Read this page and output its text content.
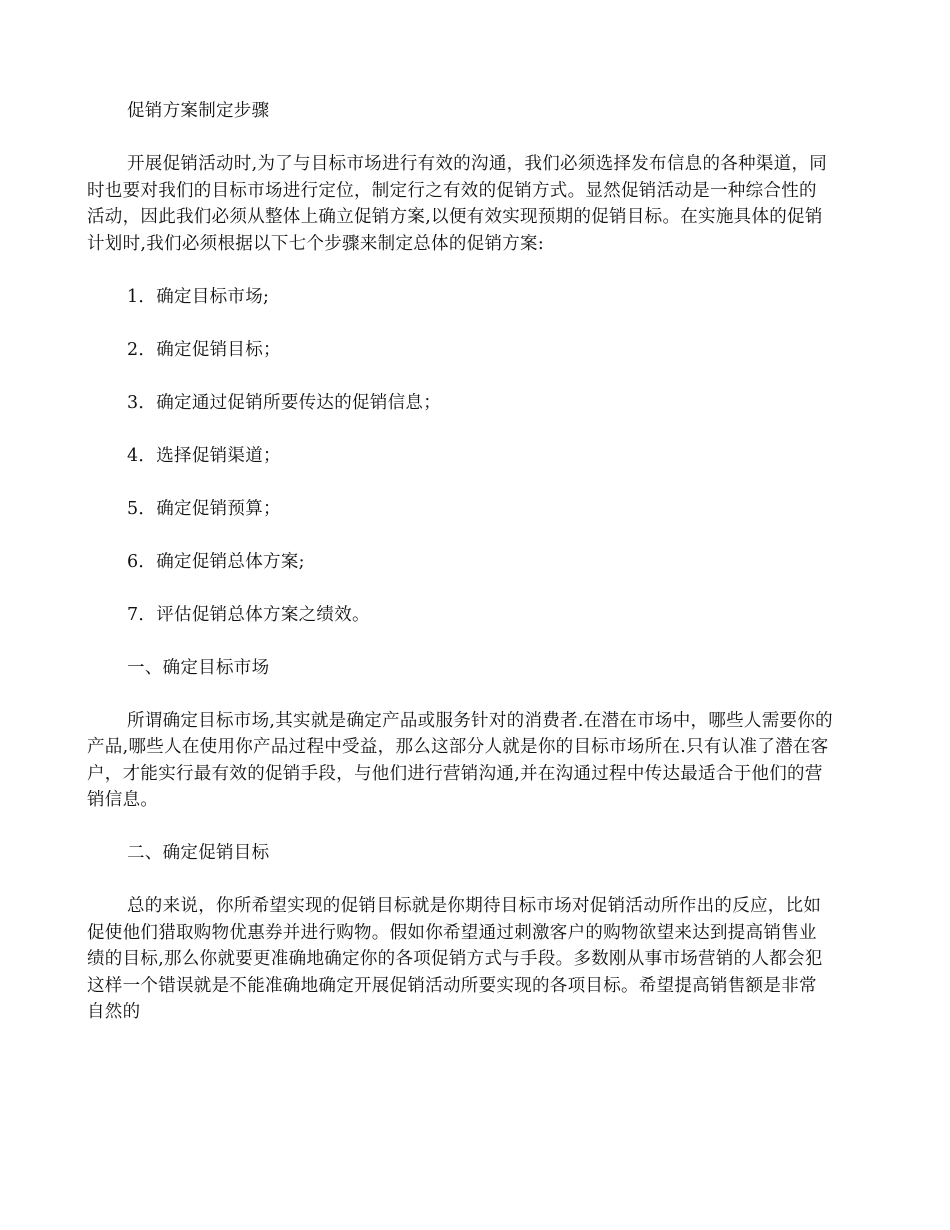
促销方案制定步骤

开展促销活动时,为了与目标市场进行有效的沟通，我们必须选择发布信息的各种渠道，同

时也要对我们的目标市场进行定位，制定行之有效的促销方式。显然促销活动是一种综合性的

活动，因此我们必须从整体上确立促销方案,以便有效实现预期的促销目标。在实施具体的促销

计划时,我们必须根据以下七个步骤来制定总体的促销方案:

1．确定目标市场;

2．确定促销目标；

3．确定通过促销所要传达的促销信息；

4．选择促销渠道；

5．确定促销预算；

6．确定促销总体方案;

7．评估促销总体方案之绩效。

一、确定目标市场

所谓确定目标市场,其实就是确定产品或服务针对的消费者.在潜在市场中，哪些人需要你的

产品,哪些人在使用你产品过程中受益，那么这部分人就是你的目标市场所在.只有认准了潜在客

户，才能实行最有效的促销手段，与他们进行营销沟通,并在沟通过程中传达最适合于他们的营

销信息。

二、确定促销目标

总的来说，你所希望实现的促销目标就是你期待目标市场对促销活动所作出的反应，比如

促使他们猎取购物优惠券并进行购物。假如你希望通过刺激客户的购物欲望来达到提高销售业

绩的目标,那么你就要更准确地确定你的各项促销方式与手段。多数刚从事市场营销的人都会犯

这样一个错误就是不能准确地确定开展促销活动所要实现的各项目标。希望提高销售额是非常

自然的
